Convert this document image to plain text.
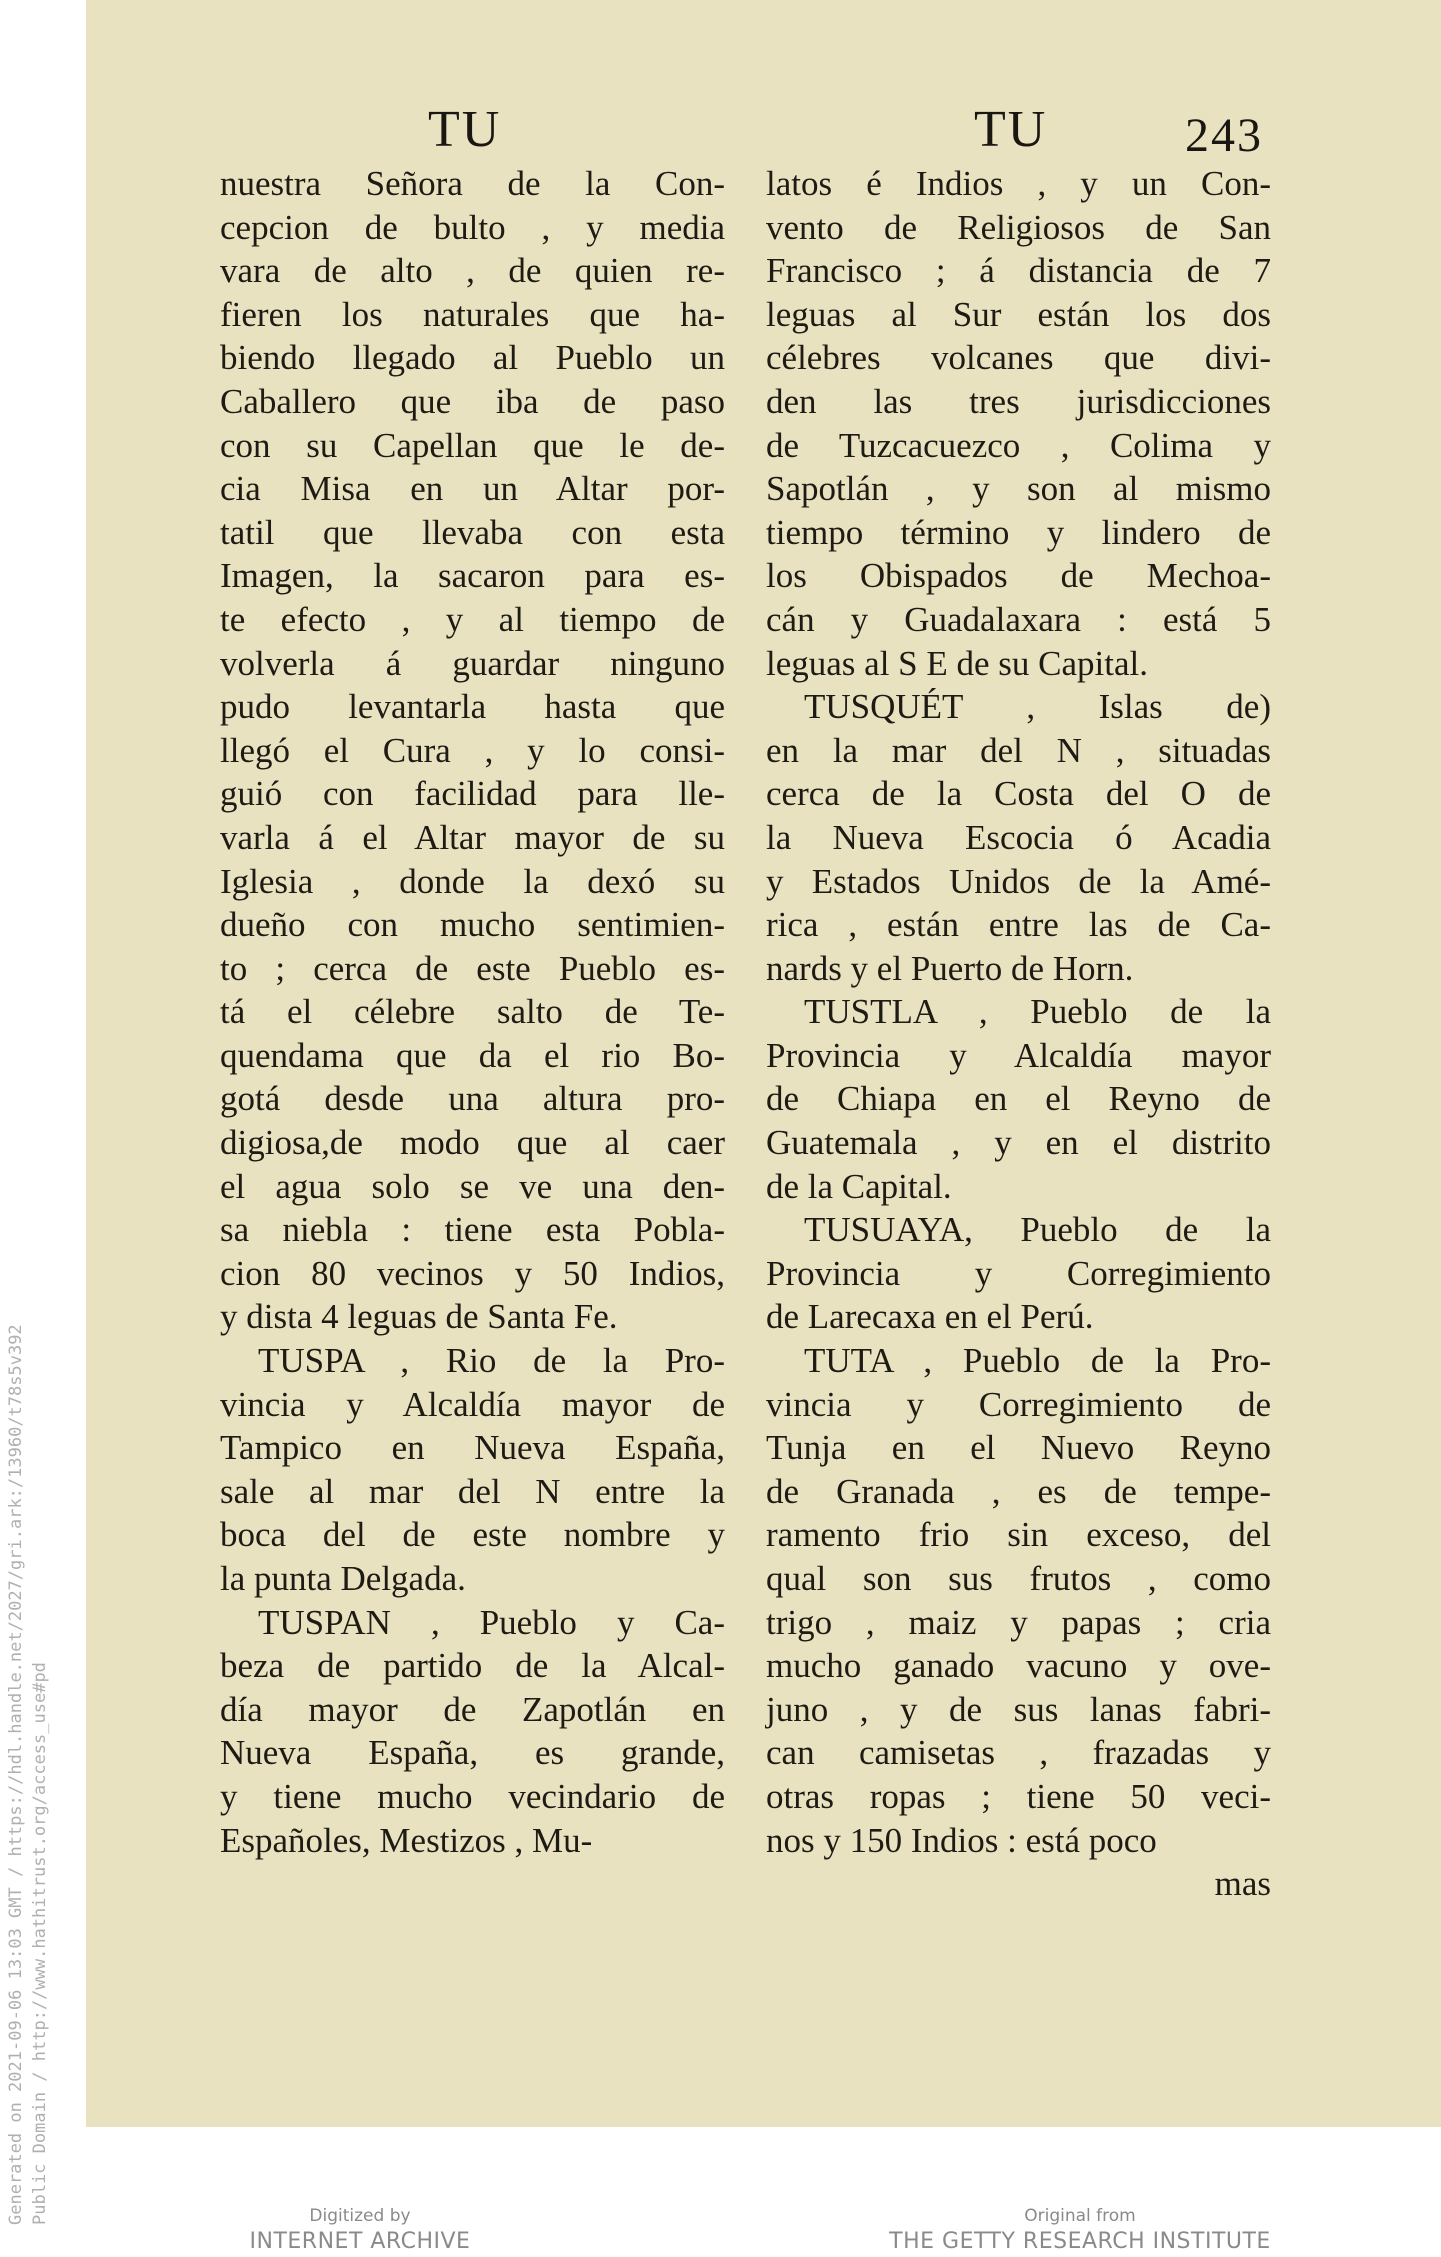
TU	TU	243
nuestra Señora de la Con-
cepcion de bulto , y media
vara de alto , de quien re-
fieren los naturales que ha-
biendo llegado al Pueblo un
Caballero que iba de paso
con su Capellan que le de-
cia Misa en un Altar por-
tatil que llevaba con esta
Imagen, la sacaron para es-
te efecto , y al tiempo de
volverla á guardar ninguno
pudo levantarla hasta que
llegó el Cura , y lo consi-
guió con facilidad para lle-
varla á el Altar mayor de su
Iglesia , donde la dexó su
dueño con mucho sentimien-
to ; cerca de este Pueblo es-
tá el célebre salto de Te-
quendama que da el rio Bo-
gotá desde una altura pro-
digiosa,de modo que al caer
el agua solo se ve una den-
sa niebla : tiene esta Pobla-
cion 80 vecinos y 50 Indios,
y dista 4 leguas de Santa Fe.
TUSPA , Rio de la Pro-
vincia y Alcaldía mayor de
Tampico en Nueva España,
sale al mar del N entre la
boca del de este nombre y
la punta Delgada.
TUSPAN , Pueblo y Ca-
beza de partido de la Alcal-
día mayor de Zapotlán en
Nueva España, es grande,
y tiene mucho vecindario de
Españoles, Mestizos , Mu-
latos é Indios , y un Con-
vento de Religiosos de San
Francisco ; á distancia de 7
leguas al Sur están los dos
célebres volcanes que divi-
den las tres jurisdicciones
de Tuzcacuezco , Colima y
Sapotlán , y son al mismo
tiempo término y lindero de
los Obispados de Mechoa-
cán y Guadalaxara : está 5
leguas al S E de su Capital.
TUSQUÉT , Islas de)
en la mar del N , situadas
cerca de la Costa del O de
la Nueva Escocia ó Acadia
y Estados Unidos de la Amé-
rica , están entre las de Ca-
nards y el Puerto de Horn.
TUSTLA , Pueblo de la
Provincia y Alcaldía mayor
de Chiapa en el Reyno de
Guatemala , y en el distrito
de la Capital.
TUSUAYA, Pueblo de la
Provincia y Corregimiento
de Larecaxa en el Perú.
TUTA , Pueblo de la Pro-
vincia y Corregimiento de
Tunja en el Nuevo Reyno
de Granada , es de tempe-
ramento frio sin exceso, del
qual son sus frutos , como
trigo , maiz y papas ; cria
mucho ganado vacuno y ove-
juno , y de sus lanas fabri-
can camisetas , frazadas y
otras ropas ; tiene 50 veci-
nos y 150 Indios : está poco
mas
Generated on 2021-09-06 13:03 GMT / https://hdl.handle.net/2027/gri.ark:/13960/t78s5v392 Public Domain / http://www.hathitrust.org/access_use#pd	Digitized by
INTERNET ARCHIVE
Original from
THE GETTY RESEARCH INSTITUTE
